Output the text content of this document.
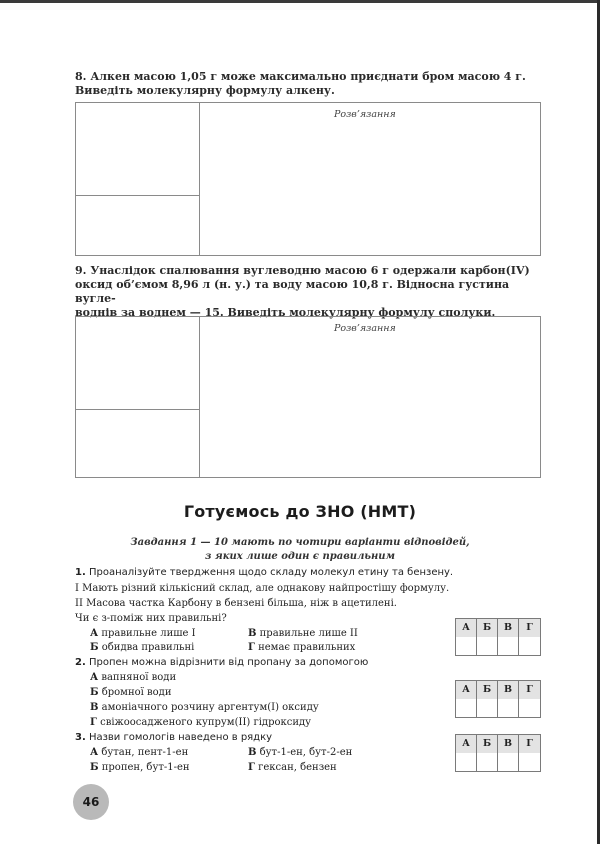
8. Алкен масою 1,05 г може максимально приєднати бром масою 4 г.
Виведіть молекулярну формулу алкену.
Розв’язання
9. Унаслідок спалювання вуглеводню масою 6 г одержали карбон(IV)
оксид об’ємом 8,96 л (н. у.) та воду масою 10,8 г. Відносна густина вугле-
воднів за воднем — 15. Виведіть молекулярну формулу сполуки.
Розв’язання
Готуємось до ЗНО (НМТ)
Завдання 1 — 10 мають по чотири варіанти відповідей,
з яких лише один є правильним
1. Проаналізуйте твердження щодо складу молекул етину та бензену.
I Мають різний кількісний склад, але однакову найпростішу формулу.
II Масова частка Карбону в бензені більша, ніж в ацетилені.
Чи є з-поміж них правильні?
А правильне лише I	В правильне лише II
Б обидва правильні	Г немає правильних
А	Б	В	Г
2. Пропен можна відрізнити від пропану за допомогою
А вапняної води
Б бромної води
В амоніачного розчину аргентум(I) оксиду
Г свіжоосадженого купрум(II) гідроксиду
А	Б	В	Г
3. Назви гомологів наведено в рядку
А бутан, пент-1-ен	В бут-1-ен, бут-2-ен
Б пропен, бут-1-ен	Г гексан, бензен
А	Б	В	Г
46
